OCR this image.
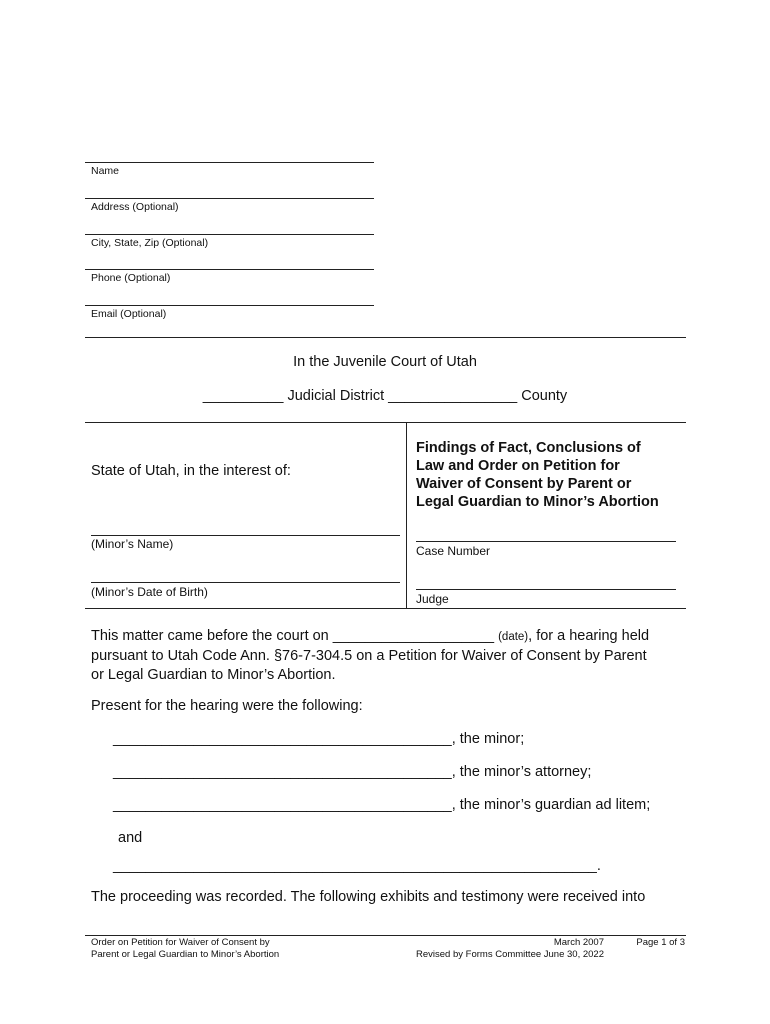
Name
Address (Optional)
City, State, Zip (Optional)
Phone (Optional)
Email (Optional)
In the Juvenile Court of Utah
__________ Judicial District ________________ County
State of Utah, in the interest of:
(Minor’s Name)
(Minor’s Date of Birth)
Findings of Fact, Conclusions of
Law and Order on Petition for
Waiver of Consent by Parent or
Legal Guardian to Minor’s Abortion
Case Number
Judge
This matter came before the court on ____________________ (date), for a hearing held
pursuant to Utah Code Ann. §76-7-304.5 on a Petition for Waiver of Consent by Parent
or Legal Guardian to Minor’s Abortion.
Present for the hearing were the following:
__________________________________________, the minor;
__________________________________________, the minor’s attorney;
__________________________________________, the minor’s guardian ad litem;
and
____________________________________________________________.
The proceeding was recorded. The following exhibits and testimony were received into
Order on Petition for Waiver of Consent by
Parent or Legal Guardian to Minor’s Abortion
March 2007
Revised by Forms Committee June 30, 2022
Page 1 of 3
